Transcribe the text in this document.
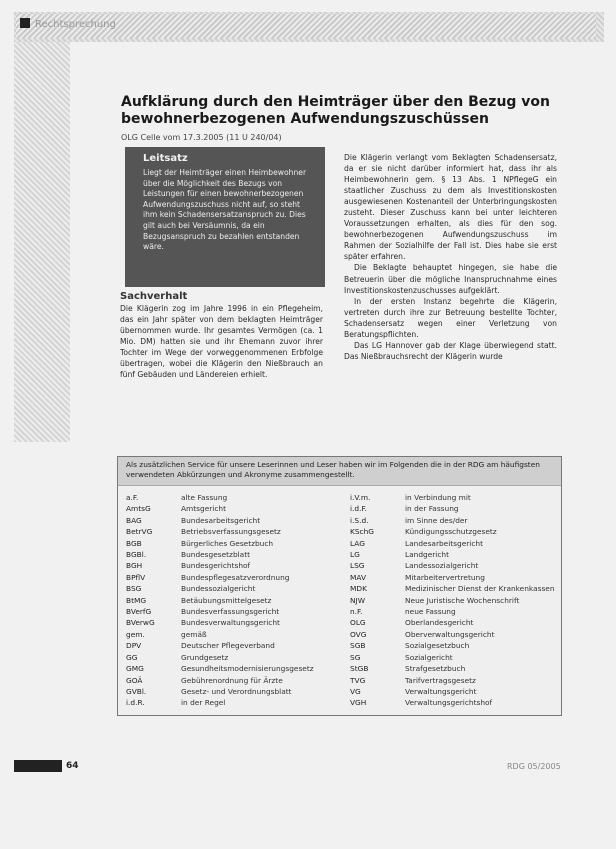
Rechtsprechung
Aufklärung durch den Heimträger über den Bezug von bewohnerbezogenen Aufwendungszuschüssen
OLG Celle vom 17.3.2005 (11 U 240/04)
Leitsatz

Liegt der Heimträger einen Heimbewohner über die Möglichkeit des Bezugs von Leistungen für einen bewohnerbezogenen Aufwendungszuschuss nicht auf, so steht ihm kein Schadensersatzanspruch zu. Dies gilt auch bei Versäumnis, da ein Bezugsanspruch zu bezahlen entstanden wäre.

Sachverhalt

Die Klägerin zog im Jahre 1996 in ein Pflegeheim, das ein Jahr später von dem beklagten Heimträger übernommen wurde. Ihr gesamtes Vermögen (ca. 1 Mio. DM) hatten sie und ihr Ehemann zuvor ihrer Tochter im Wege der vorweggenommenen Erbfolge übertragen, wobei die Klägerin den Nießbrauch an fünf Gebäuden und Ländereien erhielt.

Die Klägerin verlangt vom Beklagten Schadensersatz, da er sie nicht darüber informiert hat, dass ihr als Heimbewohnerin gem. § 13 Abs. 1 NPflegeG ein staatlicher Zuschuss zu dem als Investitionskosten ausgewiesenen Kostenanteil der Unterbringungskosten zusteht. Dieser Zuschuss kann bei unter leichteren Voraussetzungen erhalten, als dies für den sog. bewohnerbezogenen Aufwendungszuschuss im Rahmen der Sozialhilfe der Fall ist. Dies habe sie erst später erfahren.

Die Beklagte behauptet hingegen, sie habe die Betreuerin über die mögliche Inanspruchnahme eines Investitionskostenzuschusses aufgeklärt.

In der ersten Instanz begehrte die Klägerin, vertreten durch ihre zur Betreuung bestellte Tochter, Schadensersatz wegen einer Verletzung von Beratungspflichten.

Das LG Hannover gab der Klage überwiegend statt. Das Nießbrauchsrecht der Klägerin wurde

Als zusätzlichen Service für unsere Leserinnen und Leser haben wir im Folgenden die in der RDG am häufigsten verwendeten Abkürzungen und Akronyme zusammengestellt.
a.F.	alte Fassung
AmtsG	Amtsgericht
BAG	Bundesarbeitsgericht
BetrVG	Betriebsverfassungsgesetz
BGB	Bürgerliches Gesetzbuch
BGBl.	Bundesgesetzblatt
BGH	Bundesgerichtshof
BPflV	Bundespflegesatzverordnung
BSG	Bundessozialgericht
BtMG	Betäubungsmittelgesetz
BVerfG	Bundesverfassungsgericht
BVerwG	Bundesverwaltungsgericht
gem.	gemäß
DPV	Deutscher Pflegeverband
GG	Grundgesetz
GMG	Gesundheitsmodernisierungsgesetz
GOÄ	Gebührenordnung für Ärzte
GVBl.	Gesetz- und Verordnungsblatt
i.d.R.	in der Regel
i.V.m.	in Verbindung mit
i.d.F.	in der Fassung
i.S.d.	im Sinne des/der
KSchG	Kündigungsschutzgesetz
LAG	Landesarbeitsgericht
LG	Landgericht
LSG	Landessozialgericht
MAV	Mitarbeitervertretung
MDK	Medizinischer Dienst der Krankenkassen
NJW	Neue Juristische Wochenschrift
n.F.	neue Fassung
OLG	Oberlandesgericht
OVG	Oberverwaltungsgericht
SGB	Sozialgesetzbuch
SG	Sozialgericht
StGB	Strafgesetzbuch
TVG	Tarifvertragsgesetz
VG	Verwaltungsgericht
VGH	Verwaltungsgerichtshof
64	RDG 05/2005
